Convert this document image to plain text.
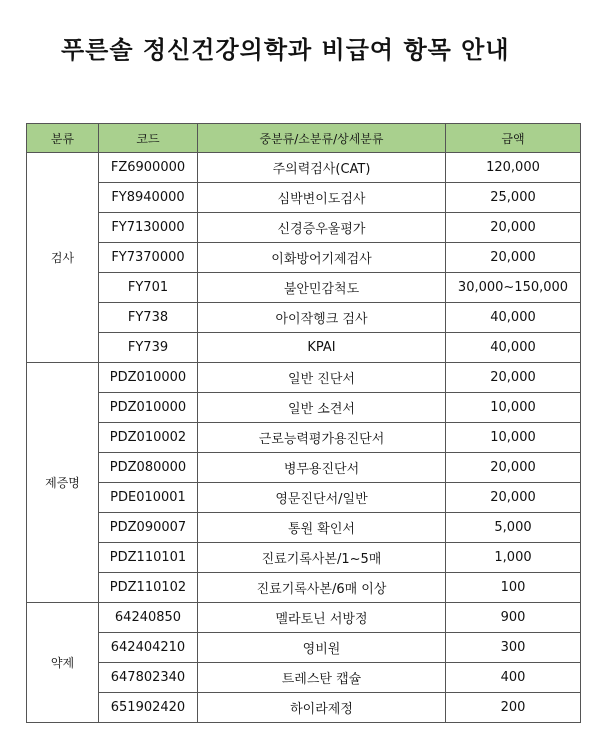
푸른솔 정신건강의학과 비급여 항목 안내
분류	코드	중분류/소분류/상세분류	금액
검사	FZ6900000	주의력검사(CAT)	120,000
	FY8940000	심박변이도검사	25,000
	FY7130000	신경증우울평가	20,000
	FY7370000	이화방어기제검사	20,000
	FY701	불안민감척도	30,000~150,000
	FY738	아이작헹크 검사	40,000
	FY739	KPAI	40,000
제증명	PDZ010000	일반 진단서	20,000
	PDZ010000	일반 소견서	10,000
	PDZ010002	근로능력평가용진단서	10,000
	PDZ080000	병무용진단서	20,000
	PDE010001	영문진단서/일반	20,000
	PDZ090007	통원 확인서	5,000
	PDZ110101	진료기록사본/1~5매	1,000
	PDZ110102	진료기록사본/6매 이상	100
약제	64240850	멜라토닌 서방정	900
	642404210	영비원	300
	647802340	트레스탄 캡슐	400
	651902420	하이라제정	200
